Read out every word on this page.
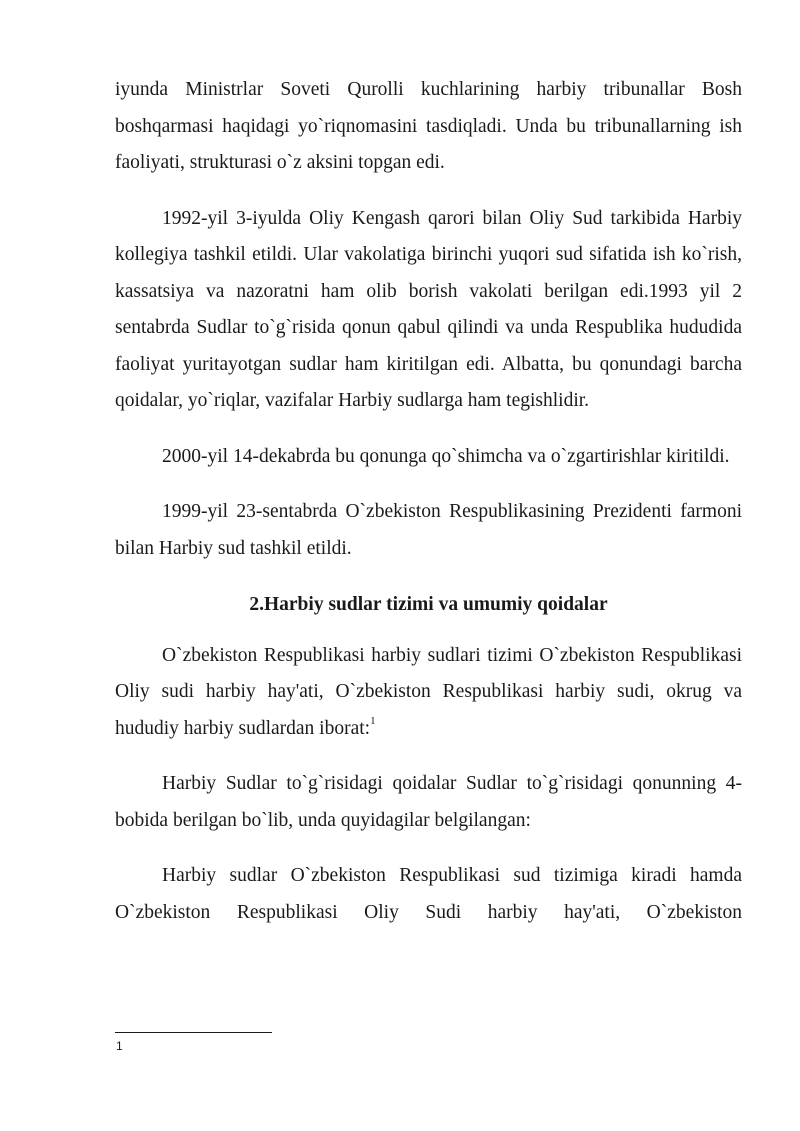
iyunda Ministrlar Soveti Qurolli kuchlarining harbiy tribunallar Bosh boshqarmasi haqidagi yo`riqnomasini tasdiqladi. Unda bu tribunallarning ish faoliyati, strukturasi o`z aksini topgan edi.

1992-yil 3-iyulda Oliy Kengash qarori bilan Oliy Sud tarkibida Harbiy kollegiya tashkil etildi. Ular vakolatiga birinchi yuqori sud sifatida ish ko`rish, kassatsiya va nazoratni ham olib borish vakolati berilgan edi.1993 yil 2 sentabrda Sudlar to`g`risida qonun qabul qilindi va unda Respublika hududida faoliyat yuritayotgan sudlar ham kiritilgan edi. Albatta, bu qonundagi barcha qoidalar, yo`riqlar, vazifalar Harbiy sudlarga ham tegishlidir.

2000-yil 14-dekabrda bu qonunga qo`shimcha va o`zgartirishlar kiritildi.

1999-yil 23-sentabrda O`zbekiston Respublikasining Prezidenti farmoni bilan Harbiy sud tashkil etildi.

2.Harbiy sudlar tizimi va umumiy qoidalar

O`zbekiston Respublikasi harbiy sudlari tizimi O`zbekiston Respublikasi Oliy sudi harbiy hay'ati, O`zbekiston Respublikasi harbiy sudi, okrug va hududiy harbiy sudlardan iborat:$^1$

Harbiy Sudlar to`g`risidagi qoidalar Sudlar to`g`risidagi qonunning 4-bobida berilgan bo`lib, unda quyidagilar belgilangan:

Harbiy sudlar O`zbekiston Respublikasi sud tizimiga kiradi hamda O`zbekiston Respublikasi Oliy Sudi harbiy hay'ati, O`zbekiston

1
